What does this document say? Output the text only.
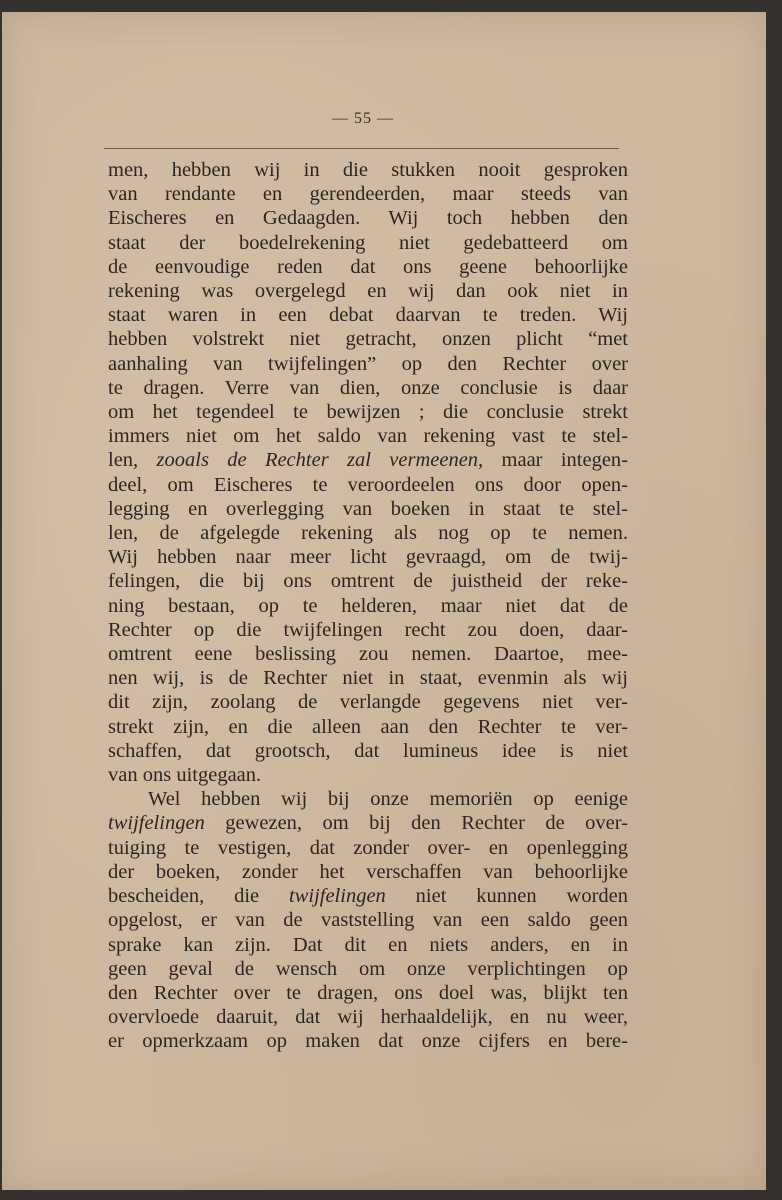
— 55 —
men, hebben wij in die stukken nooit gesproken
van rendante en gerendeerden, maar steeds van
Eischeres en Gedaagden. Wij toch hebben den
staat der boedelrekening niet gedebatteerd om
de eenvoudige reden dat ons geene behoorlijke
rekening was overgelegd en wij dan ook niet in
staat waren in een debat daarvan te treden. Wij
hebben volstrekt niet getracht, onzen plicht “met
aanhaling van twijfelingen” op den Rechter over
te dragen. Verre van dien, onze conclusie is daar
om het tegendeel te bewijzen ; die conclusie strekt
immers niet om het saldo van rekening vast te stel-
len, zooals de Rechter zal vermeenen, maar integen-
deel, om Eischeres te veroordeelen ons door open-
legging en overlegging van boeken in staat te stel-
len, de afgelegde rekening als nog op te nemen.
Wij hebben naar meer licht gevraagd, om de twij-
felingen, die bij ons omtrent de juistheid der reke-
ning bestaan, op te helderen, maar niet dat de
Rechter op die twijfelingen recht zou doen, daar-
omtrent eene beslissing zou nemen. Daartoe, mee-
nen wij, is de Rechter niet in staat, evenmin als wij
dit zijn, zoolang de verlangde gegevens niet ver-
strekt zijn, en die alleen aan den Rechter te ver-
schaffen, dat grootsch, dat lumineus idee is niet
van ons uitgegaan.
Wel hebben wij bij onze memoriën op eenige
twijfelingen gewezen, om bij den Rechter de over-
tuiging te vestigen, dat zonder over- en openlegging
der boeken, zonder het verschaffen van behoorlijke
bescheiden, die twijfelingen niet kunnen worden
opgelost, er van de vaststelling van een saldo geen
sprake kan zijn. Dat dit en niets anders, en in
geen geval de wensch om onze verplichtingen op
den Rechter over te dragen, ons doel was, blijkt ten
overvloede daaruit, dat wij herhaaldelijk, en nu weer,
er opmerkzaam op maken dat onze cijfers en bere-
